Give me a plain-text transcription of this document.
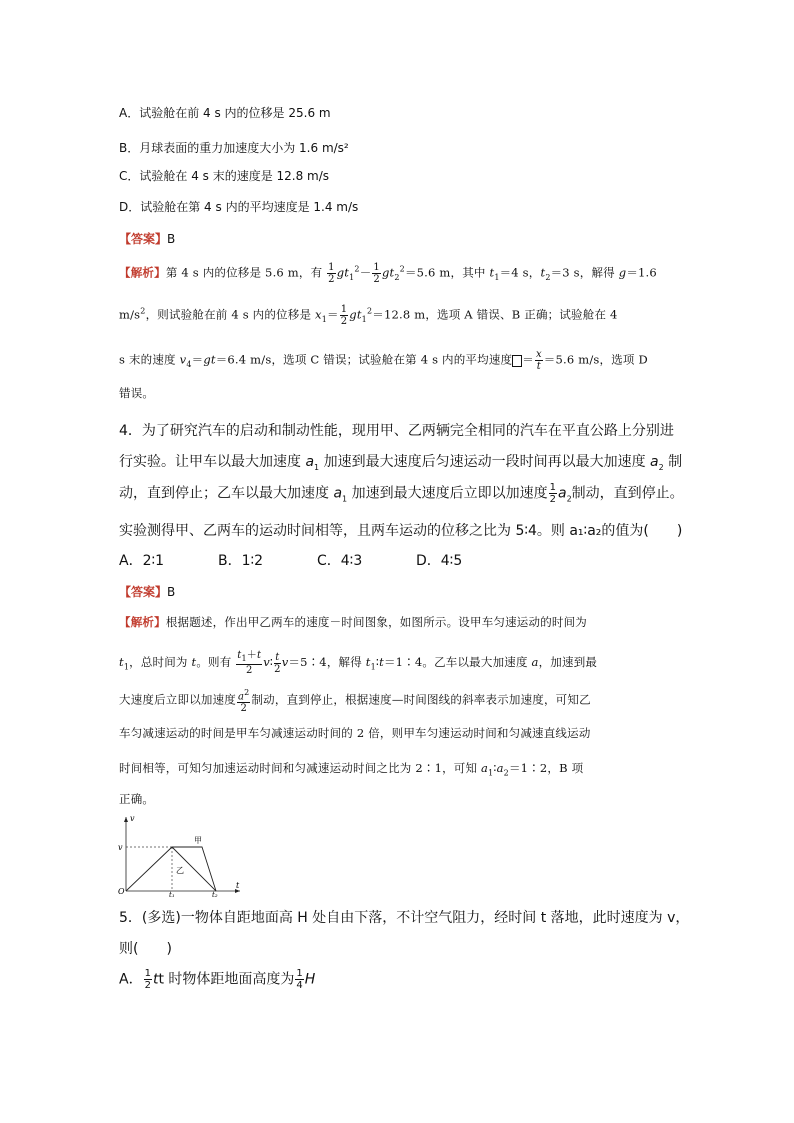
A．试验舱在前 4 s 内的位移是 25.6 m
B．月球表面的重力加速度大小为 1.6 m/s²
C．试验舱在 4 s 末的速度是 12.8 m/s
D．试验舱在第 4 s 内的平均速度是 1.4 m/s
【答案】B
【解析】第 4 s 内的位移是 5.6 m，有 $\frac{1}{2} gt_1^2- \frac{1}{2} gt_2^2=5.6$ m，其中 $t_1=4$ s，$t_2=3$ s，解得 g＝1.6
$m/s^2$，则试验舱在前 4 s 内的位移是 $x_1= \frac{1}{2} gt_1^2=12.8$ m，选项 A 错误、B 正确；试验舱在 4
s 末的速度 $v_4=gt=6.4$ m/s，选项 C 错误；试验舱在第 4 s 内的平均速度 ＝ $\frac{x}{t} =5.6$ m/s，选项 D
错误。
4．为了研究汽车的启动和制动性能，现用甲、乙两辆完全相同的汽车在平直公路上分别进
行实验。让甲车以最大加速度 $a_1$ 加速到最大速度后匀速运动一段时间再以最大加速度 $a_2$ 制
动，直到停止；乙车以最大加速度 $a_1$ 加速到最大速度后立即以加速度 $\frac{1}{2} a_2$制动，直到停止。
实验测得甲、乙两车的运动时间相等，且两车运动的位移之比为 5∶4。则 a₁∶a₂的值为(　　)
A．2∶1	B．1∶2	C．4∶3	D．4∶5
【答案】B
【解析】根据题述，作出甲乙两车的速度－时间图象，如图所示。设甲车匀速运动的时间为
$t_1$，总时间为 t。则有 $\frac{t_1+t}{2}$ v∶ $\frac{t}{2}$ v＝5∶4，解得 $t_1∶t=1∶4$。乙车以最大加速度 a，加速到最
大速度后立即以加速度 $\frac{a^2}{2}$ 制动，直到停止，根据速度—时间图线的斜率表示加速度，可知乙
车匀减速运动的时间是甲车匀减速运动时间的 2 倍，则甲车匀速运动时间和匀减速直线运动
时间相等，可知匀加速运动时间和匀减速运动时间之比为 2∶1，可知 $a_1∶a_2=1∶2$，B 项
正确。
v
t
O
v
甲
乙
t₁	t₂
5．(多选)一物体自距地面高 H 处自由下落，不计空气阻力，经时间 t 落地，此时速度为 v，
则(　　)
A． $\frac{1}{2}$ tt 时物体距地面高度为 $\frac{1}{4}$ H
